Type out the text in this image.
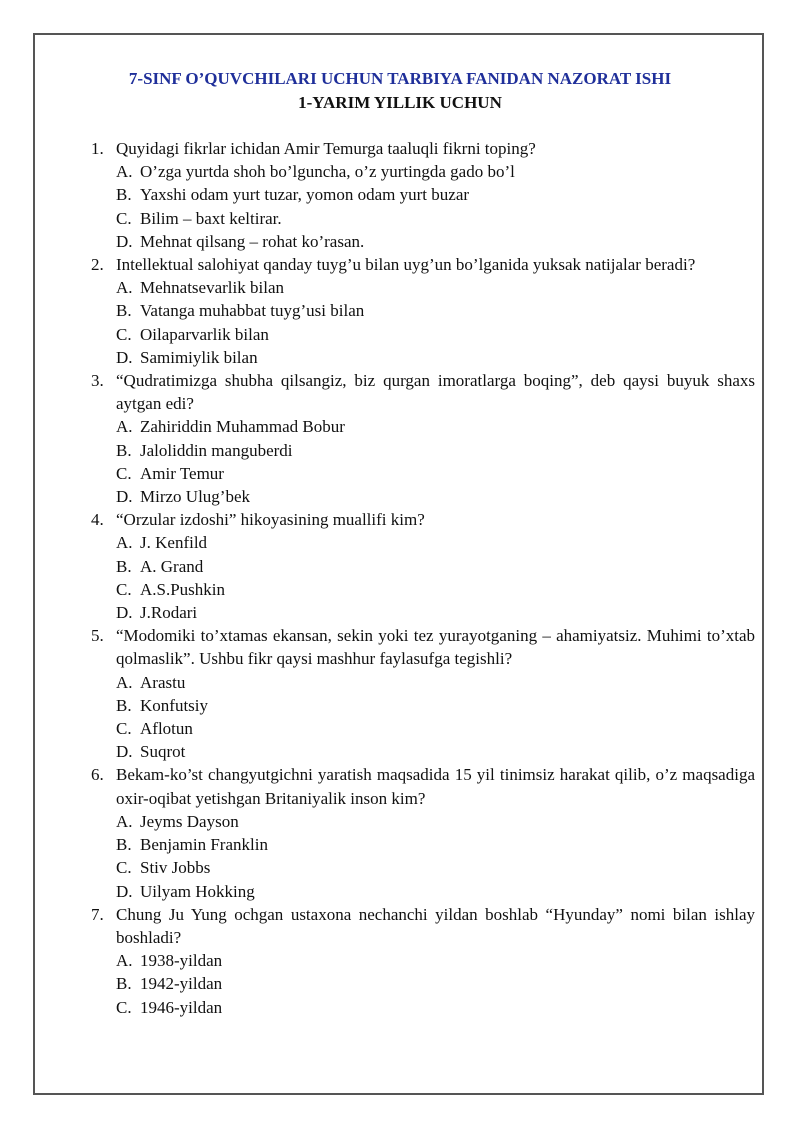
7-SINF O’QUVCHILARI UCHUN TARBIYA FANIDAN NAZORAT ISHI
1-YARIM YILLIK UCHUN
1. Quyidagi fikrlar ichidan Amir Temurga taaluqli fikrni toping?
A. O’zga yurtda shoh bo’lguncha, o’z yurtingda gado bo’l
B. Yaxshi odam yurt tuzar, yomon odam yurt buzar
C. Bilim – baxt keltirar.
D. Mehnat qilsang – rohat ko’rasan.
2. Intellektual salohiyat qanday tuyg’u bilan uyg’un bo’lganida yuksak natijalar beradi?
A. Mehnatsevarlik bilan
B. Vatanga muhabbat tuyg’usi bilan
C. Oilaparvarlik bilan
D. Samimiylik bilan
3. “Qudratimizga shubha qilsangiz, biz qurgan imoratlarga boqing”, deb qaysi buyuk shaxs aytgan edi?
A. Zahiriddin Muhammad Bobur
B. Jaloliddin manguberdi
C. Amir Temur
D. Mirzo Ulug’bek
4. “Orzular izdoshi” hikoyasining muallifi kim?
A. J. Kenfild
B. A. Grand
C. A.S.Pushkin
D. J.Rodari
5. “Modomiki to’xtamas ekansan, sekin yoki tez yurayotganing – ahamiyatsiz. Muhimi to’xtab qolmaslik”. Ushbu fikr qaysi mashhur faylasufga tegishli?
A. Arastu
B. Konfutsiy
C. Aflotun
D. Suqrot
6. Bekam-ko’st changyutgichni yaratish maqsadida 15 yil tinimsiz harakat qilib, o’z maqsadiga oxir-oqibat yetishgan Britaniyalik inson kim?
A. Jeyms Dayson
B. Benjamin Franklin
C. Stiv Jobbs
D. Uilyam Hokking
7. Chung Ju Yung ochgan ustaxona nechanchi yildan boshlab “Hyunday” nomi bilan ishlay boshladi?
A. 1938-yildan
B. 1942-yildan
C. 1946-yildan
